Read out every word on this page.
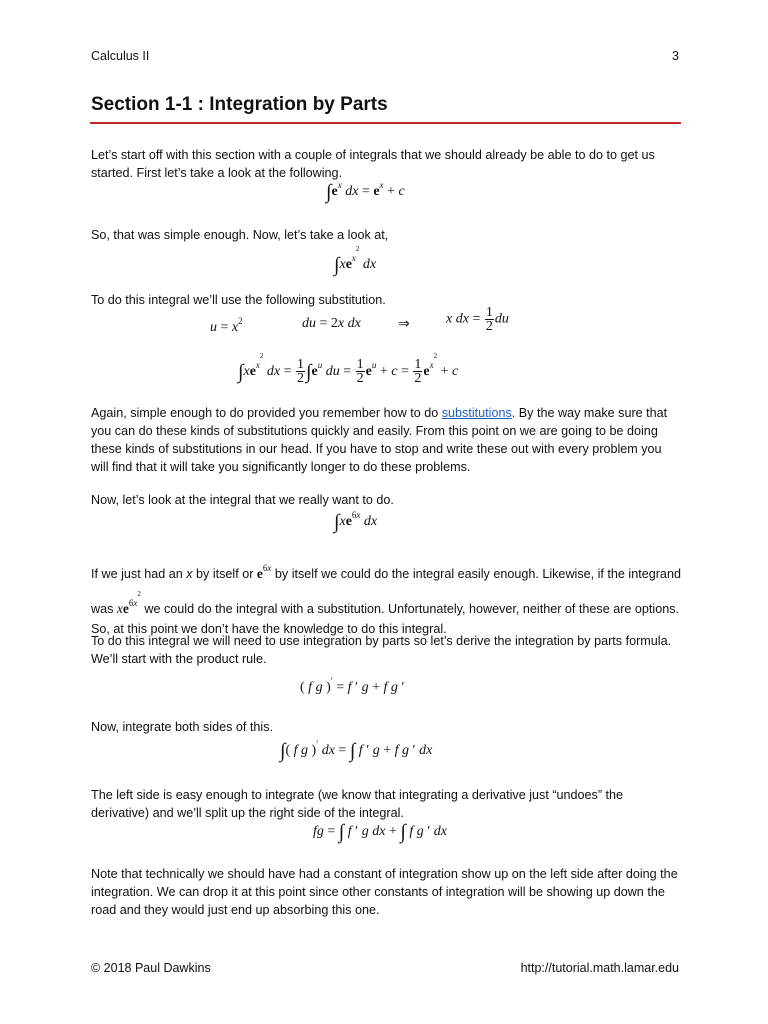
Calculus II	3
Section 1-1 : Integration by Parts

Let’s start off with this section with a couple of integrals that we should already be able to do to get us started. First let’s take a look at the following.

$\int e^x$ dx = $e^x + c$

So, that was simple enough. Now, let’s take a look at,

$\int xe^{x^2}$ dx

To do this integral we’ll use the following substitution.

$u = x^2$	du = 2x dx	⇒	x dx = $\frac{1}{2}$ du
$\int xe^{x^2}$ dx = $\frac{1}{2} \int e^u$ du = $\frac{1}{2} e^u + c = \frac{1}{2} e^{x^2} + c$

Again, simple enough to do provided you remember how to do substitutions. By the way make sure that you can do these kinds of substitutions quickly and easily. From this point on we are going to be doing these kinds of substitutions in our head. If you have to stop and write these out with every problem you will find that it will take you significantly longer to do these problems.

Now, let’s look at the integral that we really want to do.

$\int xe^{6x}$ dx

If we just had an x by itself or $e^{6x}$ by itself we could do the integral easily enough. Likewise, if the integrand was $xe^{6x^2}$ we could do the integral with a substitution. Unfortunately, however, neither of these are options. So, at this point we don’t have the knowledge to do this integral.

To do this integral we will need to use integration by parts so let’s derive the integration by parts formula. We’ll start with the product rule.

( f g )′ = f ′ g + f g ′

Now, integrate both sides of this.

∫( f g )′ dx = ∫ f ′ g + f g ′ dx

The left side is easy enough to integrate (we know that integrating a derivative just “undoes” the derivative) and we’ll split up the right side of the integral.

fg = ∫ f ′ g dx + ∫ f g ′ dx

Note that technically we should have had a constant of integration show up on the left side after doing the integration. We can drop it at this point since other constants of integration will be showing up down the road and they would just end up absorbing this one.

© 2018 Paul Dawkins	http://tutorial.math.lamar.edu
